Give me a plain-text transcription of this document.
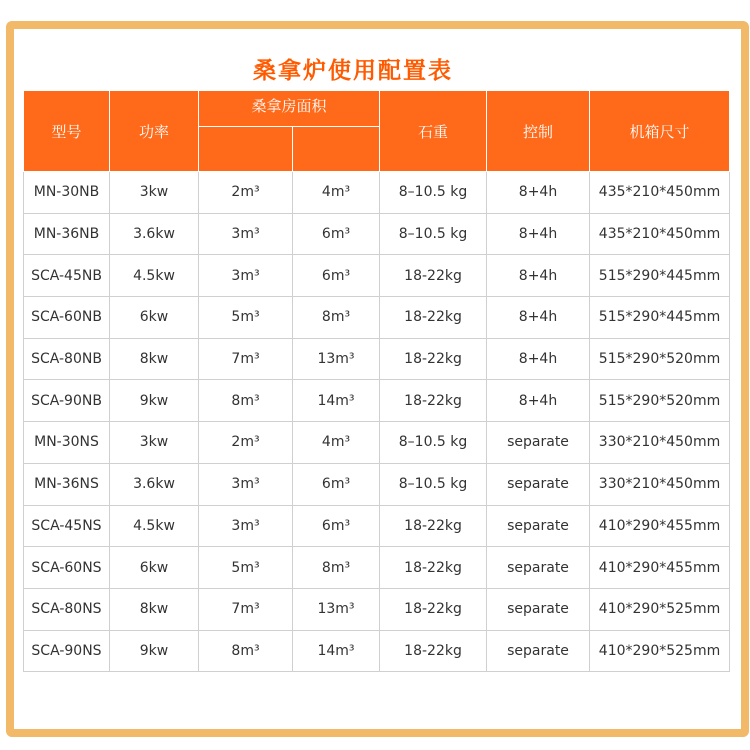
桑拿炉使用配置表
型号	功率	桑拿房面积		石重	控制	机箱尺寸

MN-30NB	3kw	2m³	4m³	8–10.5 kg	8+4h	435*210*450mm
MN-36NB	3.6kw	3m³	6m³	8–10.5 kg	8+4h	435*210*450mm
SCA-45NB	4.5kw	3m³	6m³	18-22kg	8+4h	515*290*445mm
SCA-60NB	6kw	5m³	8m³	18-22kg	8+4h	515*290*445mm
SCA-80NB	8kw	7m³	13m³	18-22kg	8+4h	515*290*520mm
SCA-90NB	9kw	8m³	14m³	18-22kg	8+4h	515*290*520mm
MN-30NS	3kw	2m³	4m³	8–10.5 kg	separate	330*210*450mm
MN-36NS	3.6kw	3m³	6m³	8–10.5 kg	separate	330*210*450mm
SCA-45NS	4.5kw	3m³	6m³	18-22kg	separate	410*290*455mm
SCA-60NS	6kw	5m³	8m³	18-22kg	separate	410*290*455mm
SCA-80NS	8kw	7m³	13m³	18-22kg	separate	410*290*525mm
SCA-90NS	9kw	8m³	14m³	18-22kg	separate	410*290*525mm
